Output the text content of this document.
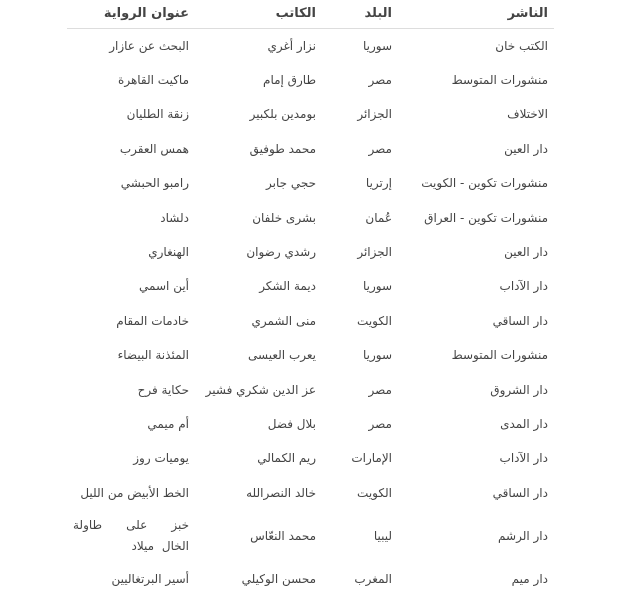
الناشر	البلد	الكاتب	عنوان الرواية
الكتب خان	سوريا	نزار أغري	البحث عن عازار
منشورات المتوسط	مصر	طارق إمام	ماكيت القاهرة
الاختلاف	الجزائر	بومدين بلكبير	زنقة الطليان
دار العين	مصر	محمد طوفيق	همس العقرب
منشورات تكوين - الكويت	إرتريا	حجي جابر	رامبو الحبشي
منشورات تكوين - العراق	عُمان	بشرى خلفان	دلشاد
دار العين	الجزائر	رشدي رضوان	الهنغاري
دار الآداب	سوريا	ديمة الشكر	أين اسمي
دار الساقي	الكويت	منى الشمري	خادمات المقام
منشورات المتوسط	سوريا	يعرب العيسى	المئذنة البيضاء
دار الشروق	مصر	عز الدين شكري فشير	حكاية فرح
دار المدى	مصر	بلال فضل	أم ميمي
دار الآداب	الإمارات	ريم الكمالي	يوميات روز
دار الساقي	الكويت	خالد النصرالله	الخط الأبيض من الليل
دار الرشم	ليبيا	محمد النعّاس	خبز على طاولة الخال ميلاد
دار ميم	المغرب	محسن الوكيلي	أسير البرتغاليين
